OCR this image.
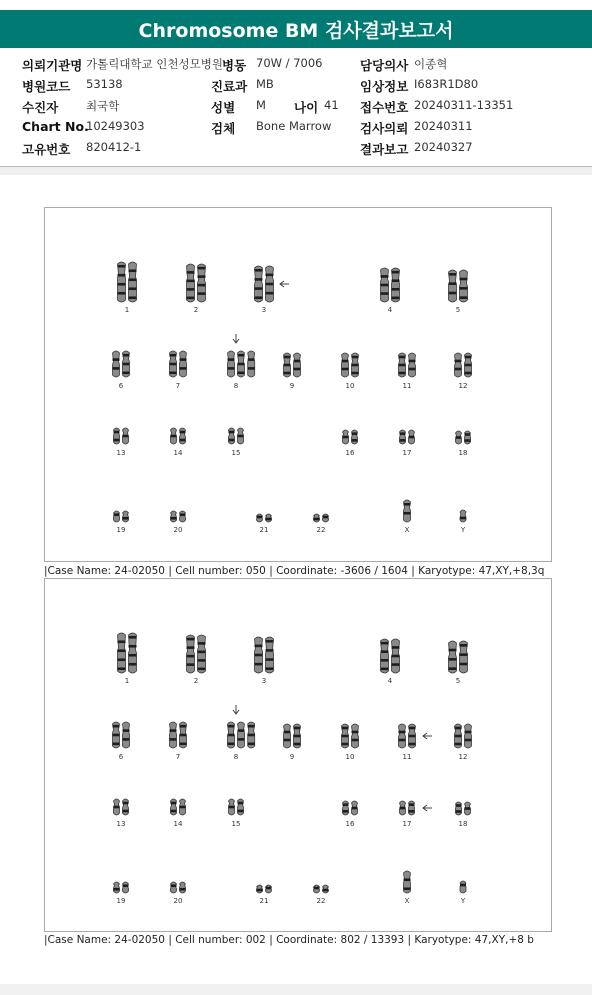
Chromosome BM 검사결과보고서
의뢰기관명 가톨릭대학교 인천성모병원 병동 70W / 7006	담당의사 이종혁
병원코드 53138	진료과 MB	임상정보 I683R1D80
수진자 최국학	성별 M 나이 41 접수번호 20240311-13351
Chart No.
10249303	검체 Bone Marrow 검사의뢰 20240311
고유번호 820412-1	결과보고 20240327
1	2	3	4	5
6	7	8	9	10	11	12
13	14	15	16	17	18
19	20	21	22	X	Y
|Case Name: 24-02050 | Cell number: 050 | Coordinate: -3606 / 1604 | Karyotype: 47,XY,+8,3q
1	2	3	4	5
6	7	8	9	10	11	12
13	14	15	16	17	18
19	20	21	22	X	Y
|Case Name: 24-02050 | Cell number: 002 | Coordinate: 802 / 13393 | Karyotype: 47,XY,+8 b
